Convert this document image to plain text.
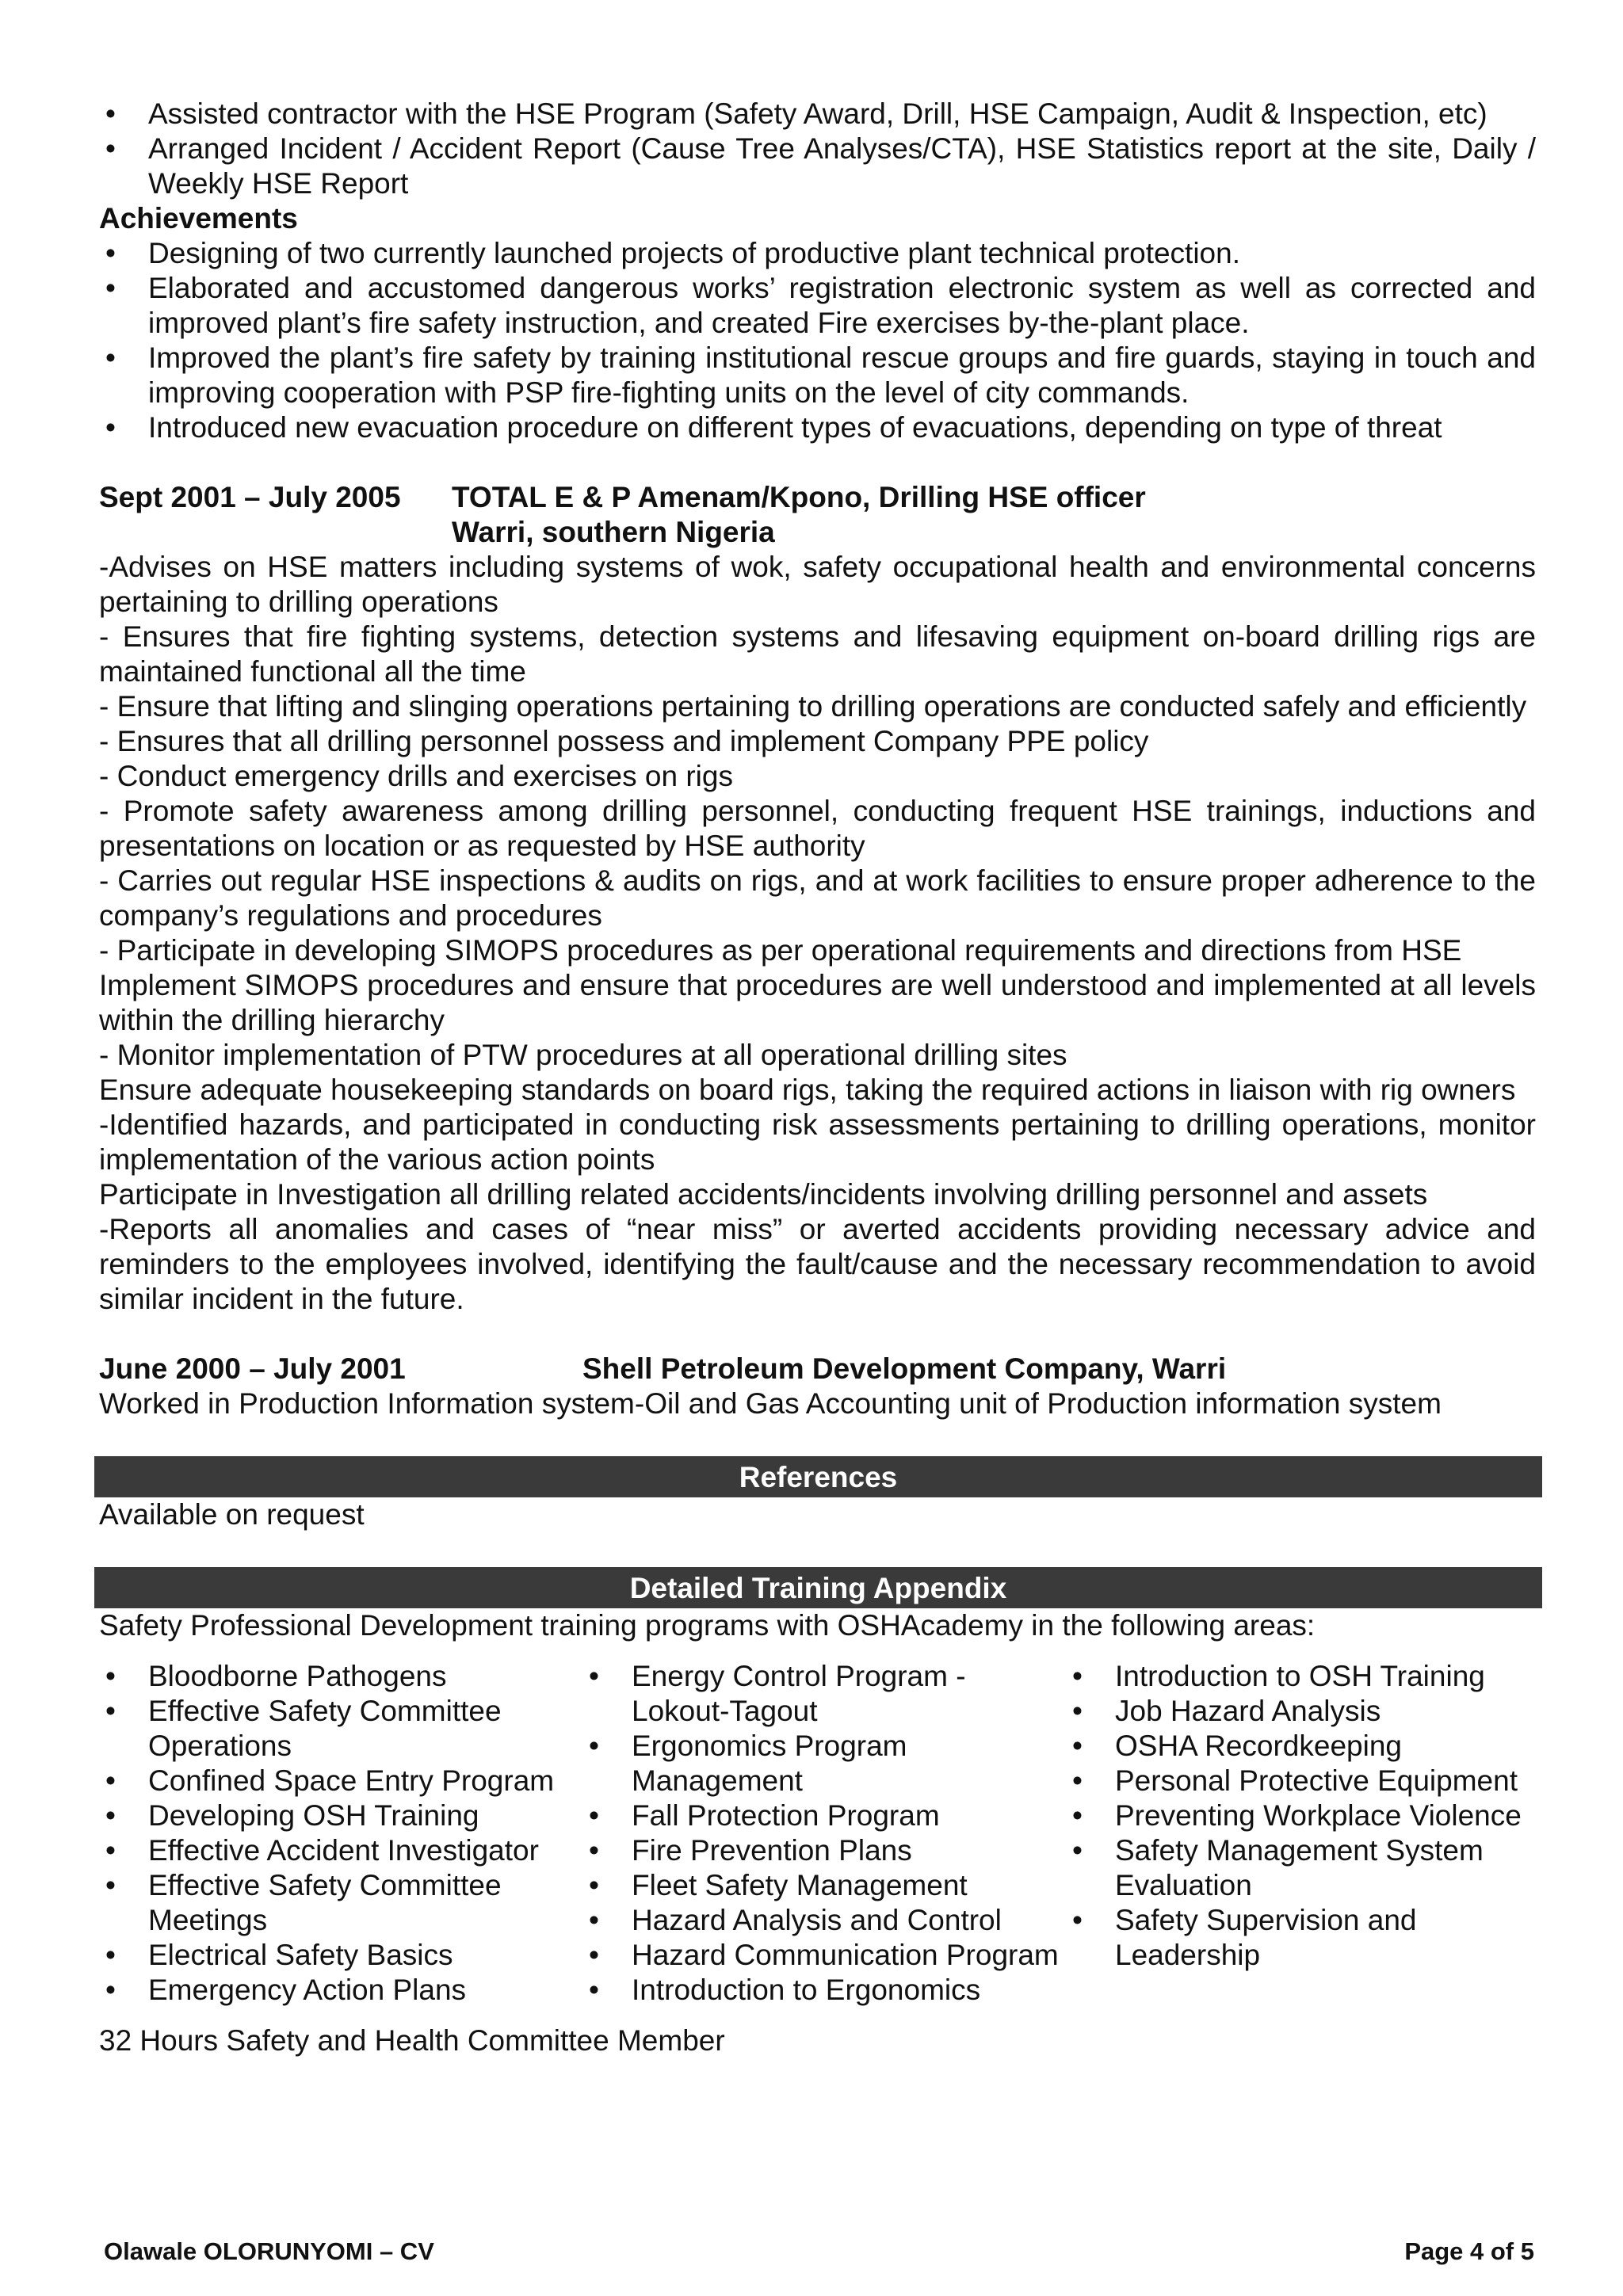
• Assisted contractor with the HSE Program (Safety Award, Drill, HSE Campaign, Audit & Inspection, etc)
• Arranged Incident / Accident Report (Cause Tree Analyses/CTA), HSE Statistics report at the site, Daily / Weekly HSE Report

Achievements

• Designing of two currently launched projects of productive plant technical protection.
• Elaborated and accustomed dangerous works’ registration electronic system as well as corrected and improved plant’s fire safety instruction, and created Fire exercises by-the-plant place.
• Improved the plant’s fire safety by training institutional rescue groups and fire guards, staying in touch and improving cooperation with PSP fire-fighting units on the level of city commands.
• Introduced new evacuation procedure on different types of evacuations, depending on type of threat
Sept 2001 – July 2005	TOTAL E & P Amenam/Kpono, Drilling HSE officer
Warri, southern Nigeria

-Advises on HSE matters including systems of wok, safety occupational health and environmental concerns pertaining to drilling operations

- Ensures that fire fighting systems, detection systems and lifesaving equipment on-board drilling rigs are maintained functional all the time

- Ensure that lifting and slinging operations pertaining to drilling operations are conducted safely and efficiently

- Ensures that all drilling personnel possess and implement Company PPE policy

- Conduct emergency drills and exercises on rigs

- Promote safety awareness among drilling personnel, conducting frequent HSE trainings, inductions and presentations on location or as requested by HSE authority

- Carries out regular HSE inspections & audits on rigs, and at work facilities to ensure proper adherence to the company’s regulations and procedures

- Participate in developing SIMOPS procedures as per operational requirements and directions from HSE

Implement SIMOPS procedures and ensure that procedures are well understood and implemented at all levels within the drilling hierarchy

- Monitor implementation of PTW procedures at all operational drilling sites

Ensure adequate housekeeping standards on board rigs, taking the required actions in liaison with rig owners

-Identified hazards, and participated in conducting risk assessments pertaining to drilling operations, monitor implementation of the various action points

Participate in Investigation all drilling related accidents/incidents involving drilling personnel and assets

-Reports all anomalies and cases of “near miss” or averted accidents providing necessary advice and reminders to the employees involved, identifying the fault/cause and the necessary recommendation to avoid similar incident in the future.

June 2000 – July 2001	Shell Petroleum Development Company, Warri

Worked in Production Information system-Oil and Gas Accounting unit of Production information system

References

Available on request

Detailed Training Appendix

Safety Professional Development training programs with OSHAcademy in the following areas:

• Bloodborne Pathogens
• Effective Safety Committee Operations
• Confined Space Entry Program
• Developing OSH Training
• Effective Accident Investigator
• Effective Safety Committee Meetings
• Electrical Safety Basics
• Emergency Action Plans
• Energy Control Program - Lokout-Tagout
• Ergonomics Program Management
• Fall Protection Program
• Fire Prevention Plans
• Fleet Safety Management
• Hazard Analysis and Control
• Hazard Communication Program
• Introduction to Ergonomics
• Introduction to OSH Training
• Job Hazard Analysis
• OSHA Recordkeeping
• Personal Protective Equipment
• Preventing Workplace Violence
• Safety Management System Evaluation
• Safety Supervision and Leadership

32 Hours Safety and Health Committee Member

Olawale OLORUNYOMI – CV	Page 4 of 5
